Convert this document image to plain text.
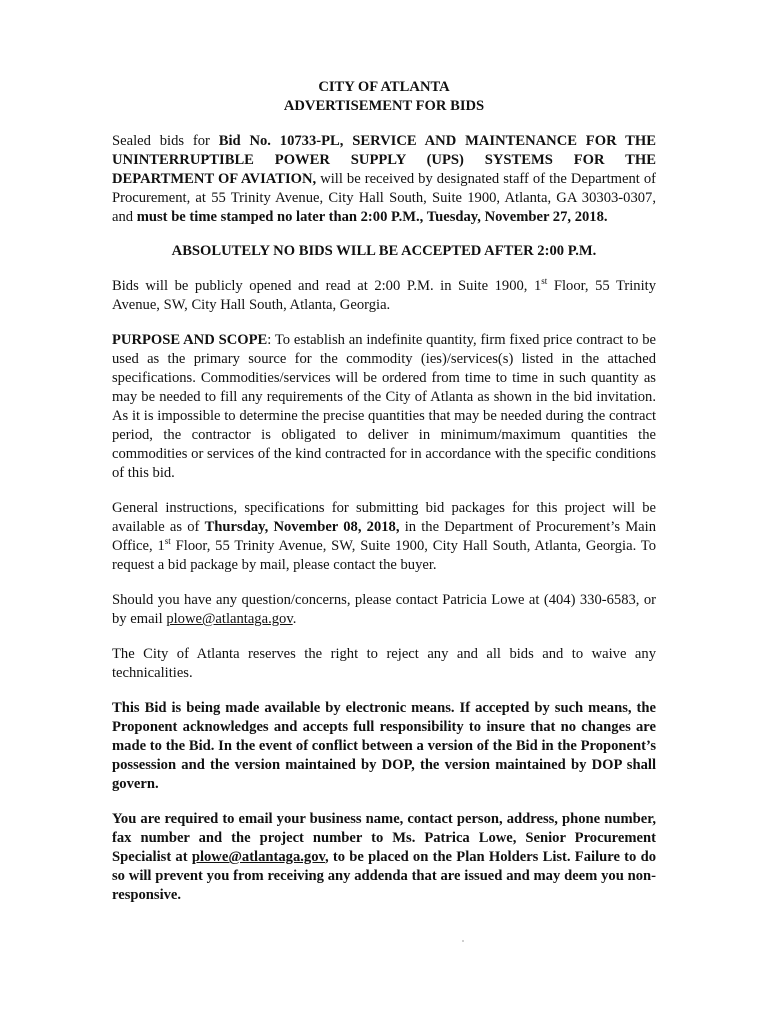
CITY OF ATLANTA
ADVERTISEMENT FOR BIDS

Sealed bids for Bid No. 10733-PL, SERVICE AND MAINTENANCE FOR THE UNINTERRUPTIBLE POWER SUPPLY (UPS) SYSTEMS FOR THE DEPARTMENT OF AVIATION, will be received by designated staff of the Department of Procurement, at 55 Trinity Avenue, City Hall South, Suite 1900, Atlanta, GA 30303-0307, and must be time stamped no later than 2:00 P.M., Tuesday, November 27, 2018.

ABSOLUTELY NO BIDS WILL BE ACCEPTED AFTER 2:00 P.M.

Bids will be publicly opened and read at 2:00 P.M. in Suite 1900, 1st Floor, 55 Trinity Avenue, SW, City Hall South, Atlanta, Georgia.

PURPOSE AND SCOPE: To establish an indefinite quantity, firm fixed price contract to be used as the primary source for the commodity (ies)/services(s) listed in the attached specifications. Commodities/services will be ordered from time to time in such quantity as may be needed to fill any requirements of the City of Atlanta as shown in the bid invitation. As it is impossible to determine the precise quantities that may be needed during the contract period, the contractor is obligated to deliver in minimum/maximum quantities the commodities or services of the kind contracted for in accordance with the specific conditions of this bid.

General instructions, specifications for submitting bid packages for this project will be available as of Thursday, November 08, 2018, in the Department of Procurement’s Main Office, 1st Floor, 55 Trinity Avenue, SW, Suite 1900, City Hall South, Atlanta, Georgia. To request a bid package by mail, please contact the buyer.

Should you have any question/concerns, please contact Patricia Lowe at (404) 330-6583, or by email plowe@atlantaga.gov.

The City of Atlanta reserves the right to reject any and all bids and to waive any technicalities.

This Bid is being made available by electronic means. If accepted by such means, the Proponent acknowledges and accepts full responsibility to insure that no changes are made to the Bid. In the event of conflict between a version of the Bid in the Proponent’s possession and the version maintained by DOP, the version maintained by DOP shall govern.

You are required to email your business name, contact person, address, phone number, fax number and the project number to Ms. Patrica Lowe, Senior Procurement Specialist at plowe@atlantaga.gov, to be placed on the Plan Holders List. Failure to do so will prevent you from receiving any addenda that are issued and may deem you non-responsive.
